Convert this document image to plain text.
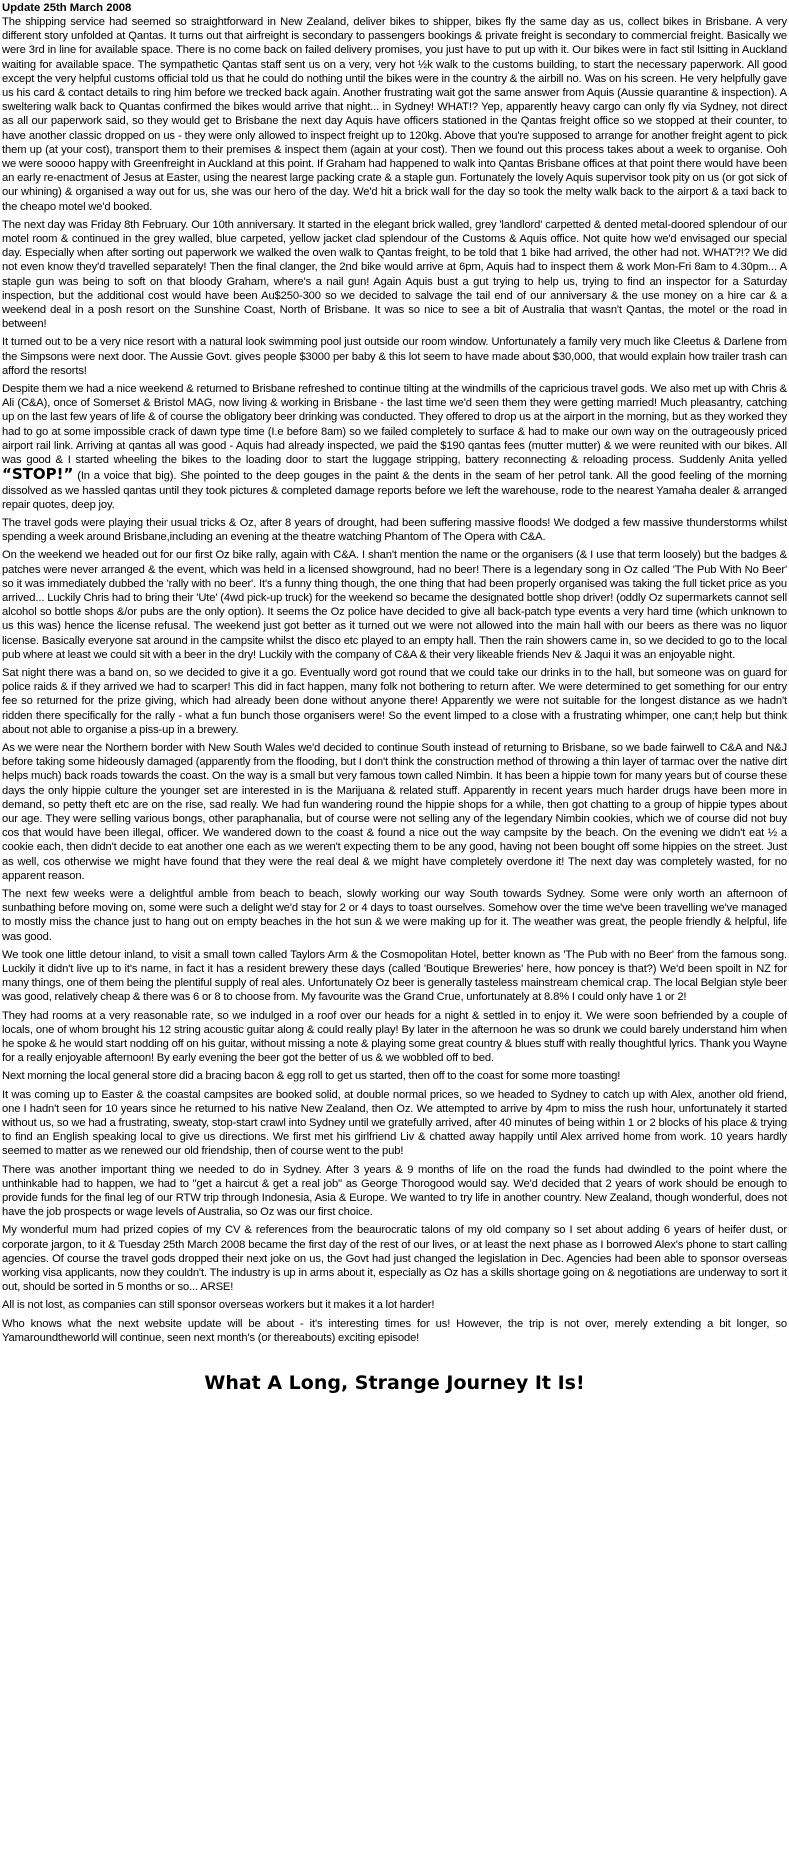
Update 25th March 2008

The shipping service had seemed so straightforward in New Zealand, deliver bikes to shipper, bikes fly the same day as us, collect bikes in Brisbane. A very different story unfolded at Qantas. It turns out that airfreight is secondary to passengers bookings & private freight is secondary to commercial freight. Basically we were 3rd in line for available space. There is no come back on failed delivery promises, you just have to put up with it. Our bikes were in fact stil lsitting in Auckland waiting for available space. The sympathetic Qantas staff sent us on a very, very hot ½k walk to the customs building, to start the necessary paperwork. All good except the very helpful customs official told us that he could do nothing until the bikes were in the country & the airbill no. Was on his screen. He very helpfully gave us his card & contact details to ring him before we trecked back again. Another frustrating wait got the same answer from Aquis (Aussie quarantine & inspection). A sweltering walk back to Quantas confirmed the bikes would arrive that night... in Sydney! WHAT!? Yep, apparently heavy cargo can only fly via Sydney, not direct as all our paperwork said, so they would get to Brisbane the next day Aquis have officers stationed in the Qantas freight office so we stopped at their counter, to have another classic dropped on us - they were only allowed to inspect freight up to 120kg. Above that you're supposed to arrange for another freight agent to pick them up (at your cost), transport them to their premises & inspect them (again at your cost). Then we found out this process takes about a week to organise. Ooh we were soooo happy with Greenfreight in Auckland at this point. If Graham had happened to walk into Qantas Brisbane offices at that point there would have been an early re-enactment of Jesus at Easter, using the nearest large packing crate & a staple gun. Fortunately the lovely Aquis supervisor took pity on us (or got sick of our whining) & organised a way out for us, she was our hero of the day. We'd hit a brick wall for the day so took the melty walk back to the airport & a taxi back to the cheapo motel we'd booked.

The next day was Friday 8th February. Our 10th anniversary. It started in the elegant brick walled, grey 'landlord' carpetted & dented metal-doored splendour of our motel room & continued in the grey walled, blue carpeted, yellow jacket clad splendour of the Customs & Aquis office. Not quite how we'd envisaged our special day. Especially when after sorting out paperwork we walked the oven walk to Qantas freight, to be told that 1 bike had arrived, the other had not. WHAT?!? We did not even know they'd travelled separately! Then the final clanger, the 2nd bike would arrive at 6pm, Aquis had to inspect them & work Mon-Fri 8am to 4.30pm... A staple gun was being to soft on that bloody Graham, where's a nail gun! Again Aquis bust a gut trying to help us, trying to find an inspector for a Saturday inspection, but the additional cost would have been Au$250-300 so we decided to salvage the tail end of our anniversary & the use money on a hire car & a weekend deal in a posh resort on the Sunshine Coast, North of Brisbane. It was so nice to see a bit of Australia that wasn't Qantas, the motel or the road in between!

It turned out to be a very nice resort with a natural look swimming pool just outside our room window. Unfortunately a family very much like Cleetus & Darlene from the Simpsons were next door. The Aussie Govt. gives people $3000 per baby & this lot seem to have made about $30,000, that would explain how trailer trash can afford the resorts!

Despite them we had a nice weekend & returned to Brisbane refreshed to continue tilting at the windmills of the capricious travel gods. We also met up with Chris & Ali (C&A), once of Somerset & Bristol MAG, now living & working in Brisbane - the last time we'd seen them they were getting married! Much pleasantry, catching up on the last few years of life & of course the obligatory beer drinking was conducted. They offered to drop us at the airport in the morning, but as they worked they had to go at some impossible crack of dawn type time (I.e before 8am) so we failed completely to surface & had to make our own way on the outrageously priced airport rail link. Arriving at qantas all was good - Aquis had already inspected, we paid the $190 qantas fees (mutter mutter) & we were reunited with our bikes. All was good & I started wheeling the bikes to the loading door to start the luggage stripping, battery reconnecting & reloading process. Suddenly Anita yelled “STOP!” (In a voice that big). She pointed to the deep gouges in the paint & the dents in the seam of her petrol tank. All the good feeling of the morning dissolved as we hassled qantas until they took pictures & completed damage reports before we left the warehouse, rode to the nearest Yamaha dealer & arranged repair quotes, deep joy.

The travel gods were playing their usual tricks & Oz, after 8 years of drought, had been suffering massive floods! We dodged a few massive thunderstorms whilst spending a week around Brisbane,including an evening at the theatre watching Phantom of The Opera with C&A.

On the weekend we headed out for our first Oz bike rally, again with C&A. I shan't mention the name or the organisers (& I use that term loosely) but the badges & patches were never arranged & the event, which was held in a licensed showground, had no beer! There is a legendary song in Oz called 'The Pub With No Beer' so it was immediately dubbed the 'rally with no beer'. It's a funny thing though, the one thing that had been properly organised was taking the full ticket price as you arrived... Luckily Chris had to bring their 'Ute' (4wd pick-up truck) for the weekend so became the designated bottle shop driver! (oddly Oz supermarkets cannot sell alcohol so bottle shops &/or pubs are the only option). It seems the Oz police have decided to give all back-patch type events a very hard time (which unknown to us this was) hence the license refusal. The weekend just got better as it turned out we were not allowed into the main hall with our beers as there was no liquor license. Basically everyone sat around in the campsite whilst the disco etc played to an empty hall. Then the rain showers came in, so we decided to go to the local pub where at least we could sit with a beer in the dry! Luckily with the company of C&A & their very likeable friends Nev & Jaqui it was an enjoyable night.

Sat night there was a band on, so we decided to give it a go. Eventually word got round that we could take our drinks in to the hall, but someone was on guard for police raids & if they arrived we had to scarper! This did in fact happen, many folk not bothering to return after. We were determined to get something for our entry fee so returned for the prize giving, which had already been done without anyone there! Apparently we were not suitable for the longest distance as we hadn't ridden there specifically for the rally - what a fun bunch those organisers were! So the event limped to a close with a frustrating whimper, one can;t help but think about not able to organise a piss-up in a brewery.

As we were near the Northern border with New South Wales we'd decided to continue South instead of returning to Brisbane, so we bade fairwell to C&A and N&J before taking some hideously damaged (apparently from the flooding, but I don't think the construction method of throwing a thin layer of tarmac over the native dirt helps much) back roads towards the coast. On the way is a small but very famous town called Nimbin. It has been a hippie town for many years but of course these days the only hippie culture the younger set are interested in is the Marijuana & related stuff. Apparently in recent years much harder drugs have been more in demand, so petty theft etc are on the rise, sad really. We had fun wandering round the hippie shops for a while, then got chatting to a group of hippie types about our age. They were selling various bongs, other paraphanalia, but of course were not selling any of the legendary Nimbin cookies, which we of course did not buy cos that would have been illegal, officer. We wandered down to the coast & found a nice out the way campsite by the beach. On the evening we didn't eat ½ a cookie each, then didn't decide to eat another one each as we weren't expecting them to be any good, having not been bought off some hippies on the street. Just as well, cos otherwise we might have found that they were the real deal & we might have completely overdone it! The next day was completely wasted, for no apparent reason.

The next few weeks were a delightful amble from beach to beach, slowly working our way South towards Sydney. Some were only worth an afternoon of sunbathing before moving on, some were such a delight we'd stay for 2 or 4 days to toast ourselves. Somehow over the time we've been travelling we've managed to mostly miss the chance just to hang out on empty beaches in the hot sun & we were making up for it. The weather was great, the people friendly & helpful, life was good.

We took one little detour inland, to visit a small town called Taylors Arm & the Cosmopolitan Hotel, better known as 'The Pub with no Beer' from the famous song. Luckily it didn't live up to it's name, in fact it has a resident brewery these days (called 'Boutique Breweries' here, how poncey is that?) We'd been spoilt in NZ for many things, one of them being the plentiful supply of real ales. Unfortunately Oz beer is generally tasteless mainstream chemical crap. The local Belgian style beer was good, relatively cheap & there was 6 or 8 to choose from. My favourite was the Grand Crue, unfortunately at 8.8% I could only have 1 or 2!

They had rooms at a very reasonable rate, so we indulged in a roof over our heads for a night & settled in to enjoy it. We were soon befriended by a couple of locals, one of whom brought his 12 string acoustic guitar along & could really play! By later in the afternoon he was so drunk we could barely understand him when he spoke & he would start nodding off on his guitar, without missing a note & playing some great country & blues stuff with really thoughtful lyrics. Thank you Wayne for a really enjoyable afternoon! By early evening the beer got the better of us & we wobbled off to bed.

Next morning the local general store did a bracing bacon & egg roll to get us started, then off to the coast for some more toasting!

It was coming up to Easter & the coastal campsites are booked solid, at double normal prices, so we headed to Sydney to catch up with Alex, another old friend, one I hadn't seen for 10 years since he returned to his native New Zealand, then Oz. We attempted to arrive by 4pm to miss the rush hour, unfortunately it started without us, so we had a frustrating, sweaty, stop-start crawl into Sydney until we gratefully arrived, after 40 minutes of being within 1 or 2 blocks of his place & trying to find an English speaking local to give us directions. We first met his girlfriend Liv & chatted away happily until Alex arrived home from work. 10 years hardly seemed to matter as we renewed our old friendship, then of course went to the pub!

There was another important thing we needed to do in Sydney. After 3 years & 9 months of life on the road the funds had dwindled to the point where the unthinkable had to happen, we had to "get a haircut & get a real job" as George Thorogood would say. We'd decided that 2 years of work should be enough to provide funds for the final leg of our RTW trip through Indonesia, Asia & Europe. We wanted to try life in another country. New Zealand, though wonderful, does not have the job prospects or wage levels of Australia, so Oz was our first choice.

My wonderful mum had prized copies of my CV & references from the beaurocratic talons of my old company so I set about adding 6 years of heifer dust, or corporate jargon, to it & Tuesday 25th March 2008 became the first day of the rest of our lives, or at least the next phase as I borrowed Alex's phone to start calling agencies. Of course the travel gods dropped their next joke on us, the Govt had just changed the legislation in Dec. Agencies had been able to sponsor overseas working visa applicants, now they couldn't. The industry is up in arms about it, especially as Oz has a skills shortage going on & negotiations are underway to sort it out, should be sorted in 5 months or so... ARSE!

All is not lost, as companies can still sponsor overseas workers but it makes it a lot harder!

Who knows what the next website update will be about - it's interesting times for us! However, the trip is not over, merely extending a bit longer, so Yamaroundtheworld will continue, seen next month's (or thereabouts) exciting episode!

What A Long, Strange Journey It Is!
